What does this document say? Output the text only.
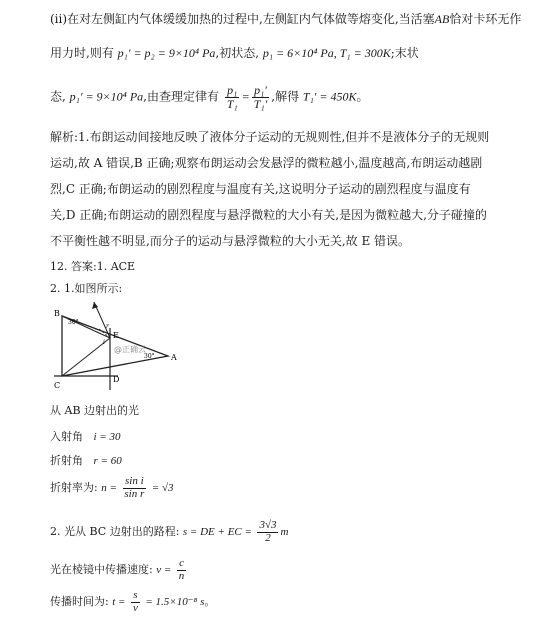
(ii)在对左侧缸内气体缓缓加热的过程中,左侧缸内气体做等熔变化,当活塞AB恰对卡环无作
用力时,则有 p₁′ = p₂ = 9×10⁴ Pa,初状态, p₁ = 6×10⁴ Pa, T₁ = 300K;末状
态, p₁′ = 9×10⁴ Pa,由查理定律有 $\frac{\text{p₁}}{\text{T₁}} = \frac{\text{p₁′}}{\text{T₁′}}$ ,解得 T₁′ = 450K。
解析:1.布朗运动间接地反映了液体分子运动的无规则性,但并不是液体分子的无规则
运动,故 A 错误,B 正确;观察布朗运动会发悬浮的微粒越小,温度越高,布朗运动越剧
烈,C 正确;布朗运动的剧烈程度与温度有关,这说明分子运动的剧烈程度与温度有
关,D 正确;布朗运动的剧烈程度与悬浮微粒的大小有关,是因为微粒越大,分子碰撞的
不平衡性越不明显,而分子的运动与悬浮微粒的大小无关,故 E 错误。
12. 答案:1. ACE
2. 1.如图所示:
B
E
D
C
A
30°
30°
r
i
@正确云
从 AB 边射出的光
入射角 i = 30
折射角 r = 60
折射率为: $n = \frac{\text{sin i}}{\text{sin r}} = √3$
2. 光从 BC 边射出的路程: s = DE + EC = $\frac{3√3}{2}$ m
光在棱镜中传播速度: $v = \frac{c}{n}$
传播时间为: $t = \frac{s}{v} = 1.5\times 10^{-8}$ s。
